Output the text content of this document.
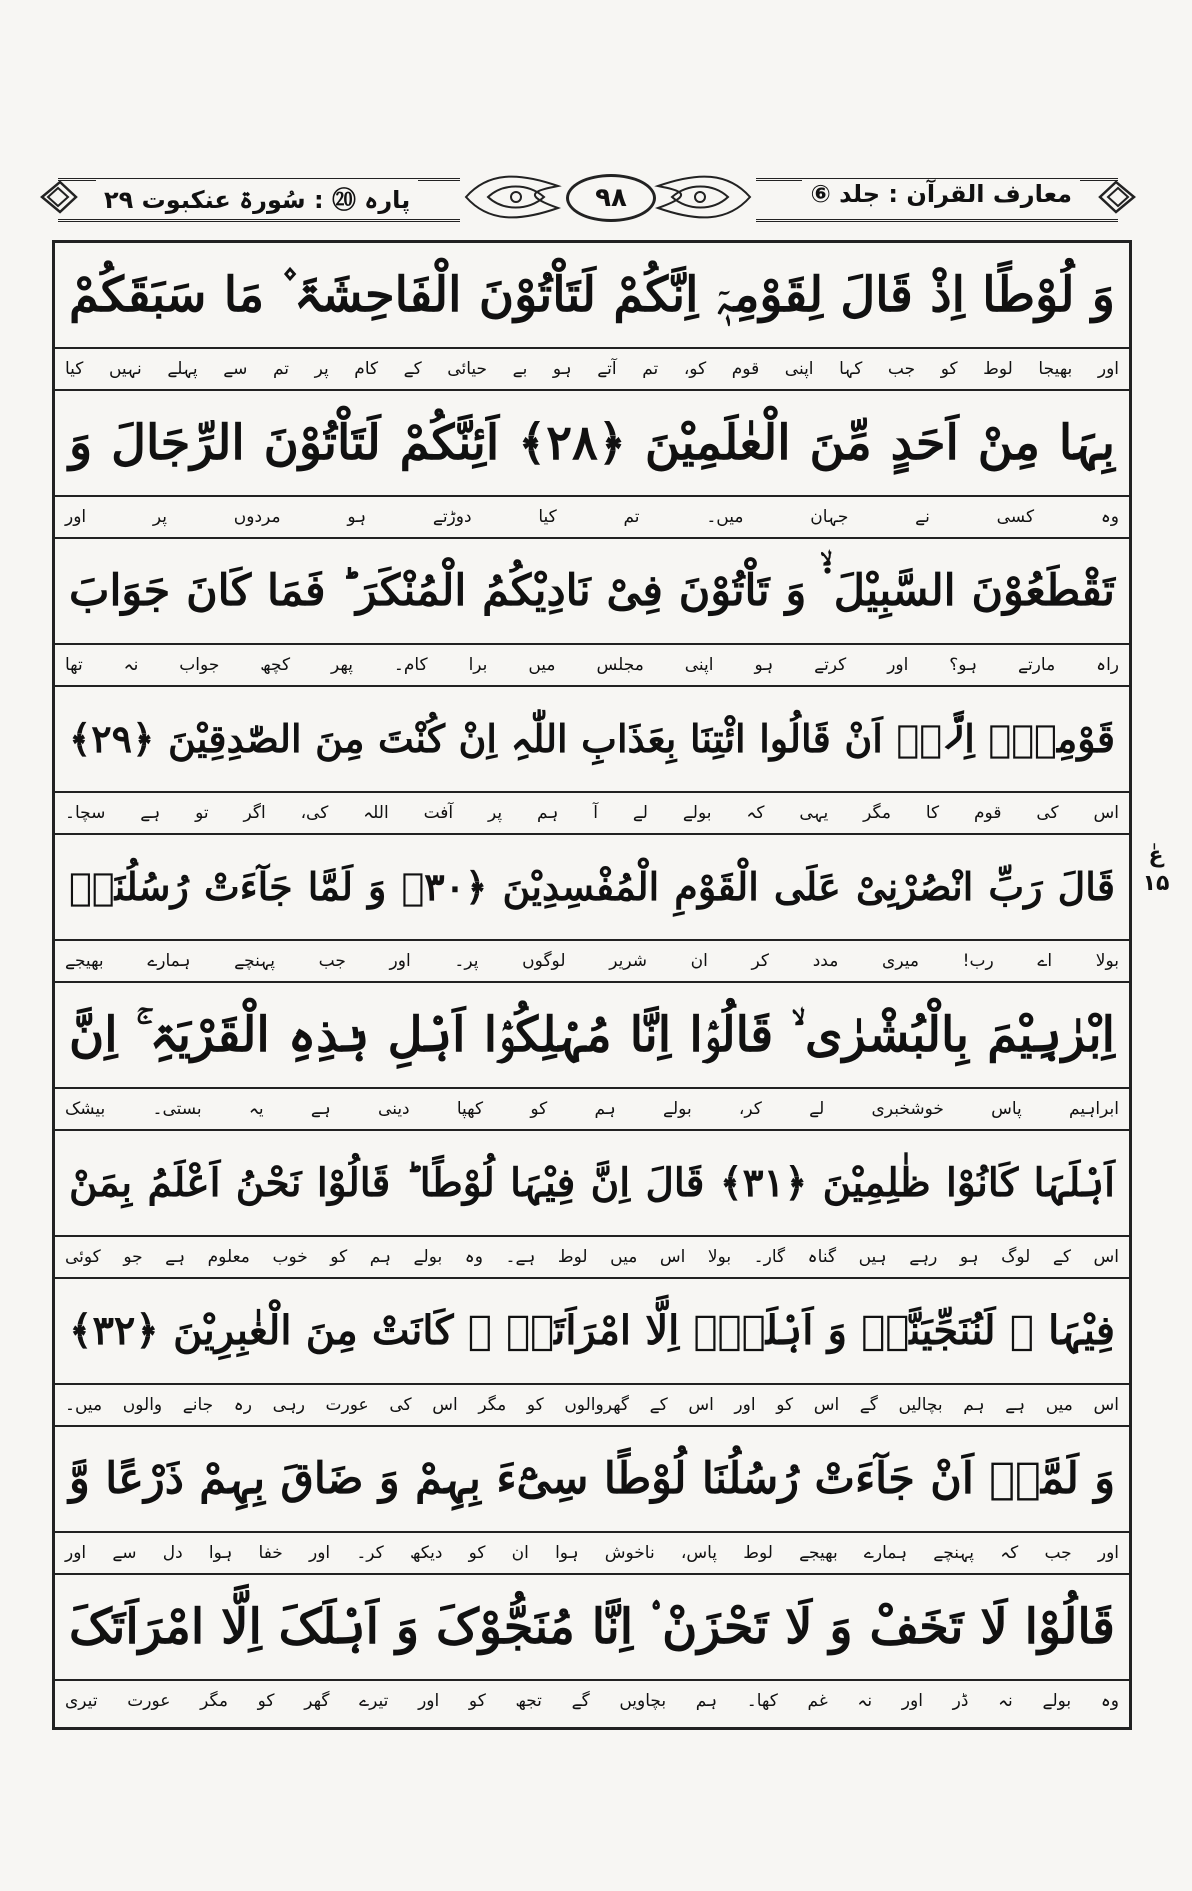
معارف القرآن : جلد ⑥
پارہ ⑳ : سُورۃ عنکبوت ۲۹	۹۸
وَ لُوْطًا اِذْ قَالَ لِقَوْمِہٖۤ اِنَّکُمْ لَتَاْتُوْنَ الْفَاحِشَۃَ ۫ مَا سَبَقَکُمْ
اور بھیجا لوط کو جب کہا اپنی قوم کو، تم آتے ہو بے حیائی کے کام پر تم سے پہلے نہیں کیا
بِہَا مِنْ اَحَدٍ مِّنَ الْعٰلَمِیْنَ ﴿۲۸﴾ اَئِنَّکُمْ لَتَاْتُوْنَ الرِّجَالَ وَ
وہ کسی نے جہان میں۔ تم کیا دوڑتے ہو مردوں پر اور
تَقْطَعُوْنَ السَّبِیْلَ ۬ۙ وَ تَاْتُوْنَ فِیْ نَادِیْکُمُ الْمُنْکَرَ ؕ فَمَا کَانَ جَوَابَ
راہ مارتے ہو؟ اور کرتے ہو اپنی مجلس میں برا کام۔ پھر کچھ جواب نہ تھا
قَوْمِہٖۤ اِلَّاۤ اَنْ قَالُوا ائْتِنَا بِعَذَابِ اللّٰہِ اِنْ کُنْتَ مِنَ الصّٰدِقِیْنَ ﴿۲۹﴾
اس کی قوم کا مگر یہی کہ بولے لے آ ہم پر آفت اللہ کی، اگر تو ہے سچا۔
قَالَ رَبِّ انْصُرْنِیْ عَلَی الْقَوْمِ الْمُفْسِدِیْنَ ﴿۳۰﴾ وَ لَمَّا جَآءَتْ رُسُلُنَاۤ
بولا اے رب! میری مدد کر ان شریر لوگوں پر۔ اور جب پہنچے ہمارے بھیجے
اِبْرٰہِیْمَ بِالْبُشْرٰی ۙ قَالُوْۤا اِنَّا مُہْلِکُوْۤا اَہْلِ ہٰذِہِ الْقَرْیَۃِ ۚ اِنَّ
ابراہیم پاس خوشخبری لے کر، بولے ہم کو کھپا دینی ہے یہ بستی۔ بیشک
اَہْلَہَا کَانُوْا ظٰلِمِیْنَ ﴿۳۱﴾ قَالَ اِنَّ فِیْہَا لُوْطًا ؕ قَالُوْا نَحْنُ اَعْلَمُ بِمَنْ
اس کے لوگ ہو رہے ہیں گناہ گار۔ بولا اس میں لوط ہے۔ وہ بولے ہم کو خوب معلوم ہے جو کوئی
فِیْہَا ٝ لَنُنَجِّیَنَّہٗ وَ اَہْلَہٗۤ اِلَّا امْرَاَتَہٗ ٝ کَانَتْ مِنَ الْغٰبِرِیْنَ ﴿۳۲﴾
اس میں ہے ہم بچالیں گے اس کو اور اس کے گھروالوں کو مگر اس کی عورت رہی رہ جانے والوں میں۔
وَ لَمَّاۤ اَنْ جَآءَتْ رُسُلُنَا لُوْطًا سِیْٓءَ بِہِمْ وَ ضَاقَ بِہِمْ ذَرْعًا وَّ
اور جب کہ پہنچے ہمارے بھیجے لوط پاس، ناخوش ہوا ان کو دیکھ کر۔ اور خفا ہوا دل سے اور
قَالُوْا لَا تَخَفْ وَ لَا تَحْزَنْ ۟ اِنَّا مُنَجُّوْکَ وَ اَہْلَکَ اِلَّا امْرَاَتَکَ
وہ بولے نہ ڈر اور نہ غم کھا۔ ہم بچاویں گے تجھ کو اور تیرے گھر کو مگر عورت تیری
عٰ
۱۵
